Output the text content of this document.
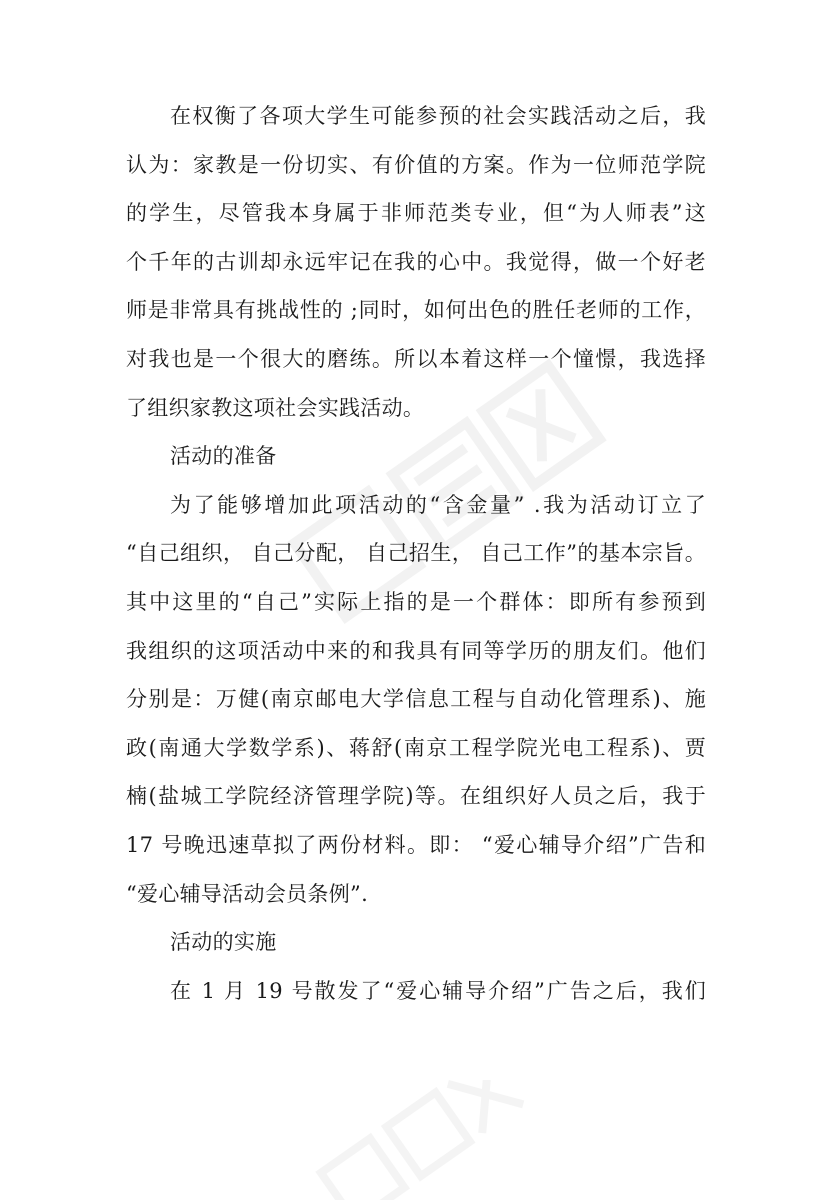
在权衡了各项大学生可能参预的社会实践活动之后，我
认为：家教是一份切实、有价值的方案。作为一位师范学院
的学生，尽管我本身属于非师范类专业，但“为人师表”这
个千年的古训却永远牢记在我的心中。我觉得，做一个好老
师是非常具有挑战性的 ;同时，如何出色的胜任老师的工作，
对我也是一个很大的磨练。所以本着这样一个憧憬，我选择
了组织家教这项社会实践活动。
活动的准备
为了能够增加此项活动的“含金量” .我为活动订立了
“自己组织， 自己分配， 自己招生， 自己工作”的基本宗旨。
其中这里的“自己”实际上指的是一个群体：即所有参预到
我组织的这项活动中来的和我具有同等学历的朋友们。他们
分别是：万健(南京邮电大学信息工程与自动化管理系)、施
政(南通大学数学系)、蒋舒(南京工程学院光电工程系)、贾
楠(盐城工学院经济管理学院)等。在组织好人员之后，我于
17 号晚迅速草拟了两份材料。即： “爱心辅导介绍”广告和
“爱心辅导活动会员条例”.
活动的实施
在 1 月 19 号散发了“爱心辅导介绍”广告之后，我们
